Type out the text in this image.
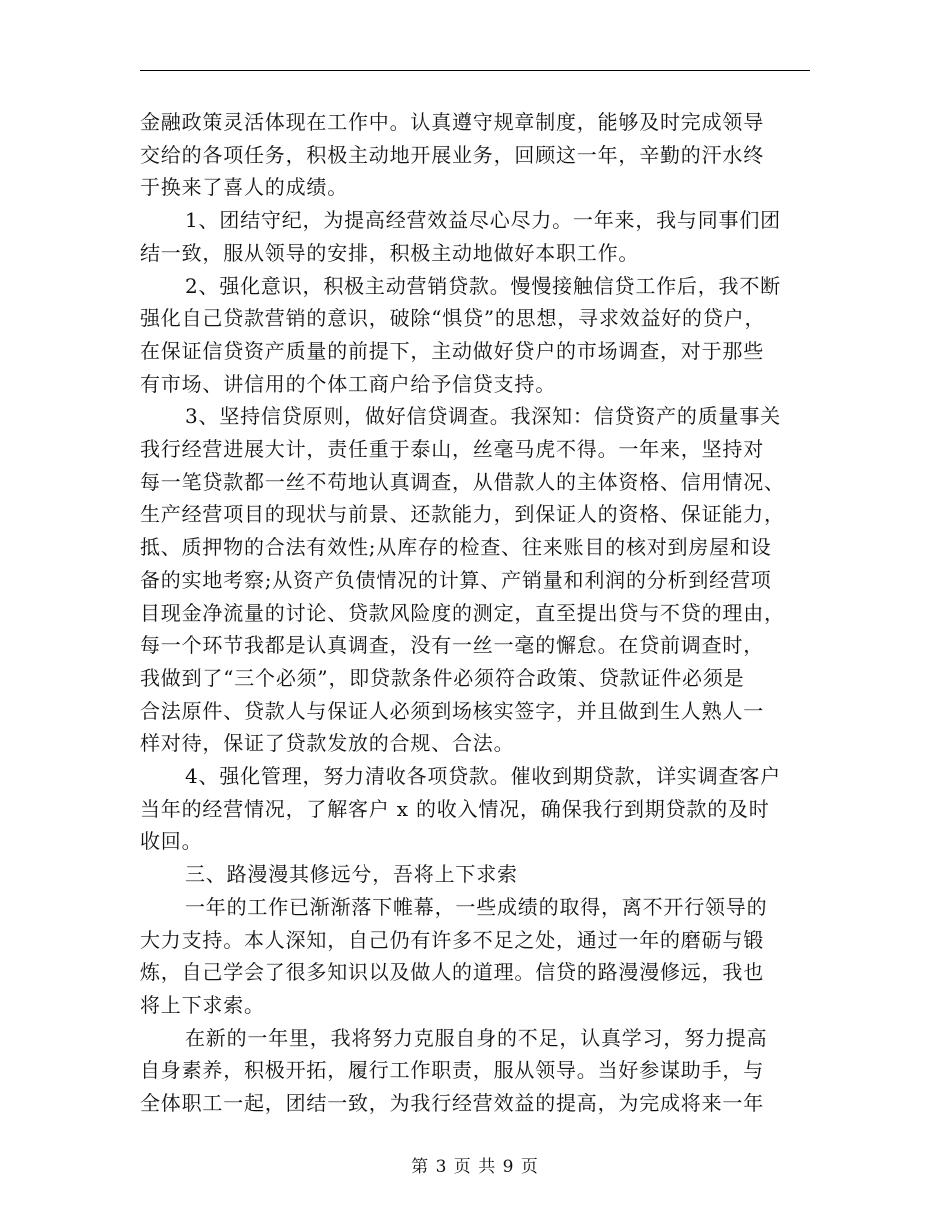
金融政策灵活体现在工作中。认真遵守规章制度，能够及时完成领导
交给的各项任务，积极主动地开展业务，回顾这一年，辛勤的汗水终
于换来了喜人的成绩。

1、团结守纪，为提高经营效益尽心尽力。一年来，我与同事们团
结一致，服从领导的安排，积极主动地做好本职工作。

2、强化意识，积极主动营销贷款。慢慢接触信贷工作后，我不断
强化自己贷款营销的意识，破除“惧贷”的思想，寻求效益好的贷户，
在保证信贷资产质量的前提下，主动做好贷户的市场调查，对于那些
有市场、讲信用的个体工商户给予信贷支持。

3、坚持信贷原则，做好信贷调查。我深知：信贷资产的质量事关
我行经营进展大计，责任重于泰山，丝毫马虎不得。一年来，坚持对
每一笔贷款都一丝不苟地认真调查，从借款人的主体资格、信用情况、
生产经营项目的现状与前景、还款能力，到保证人的资格、保证能力，
抵、质押物的合法有效性;从库存的检查、往来账目的核对到房屋和设
备的实地考察;从资产负债情况的计算、产销量和利润的分析到经营项
目现金净流量的讨论、贷款风险度的测定，直至提出贷与不贷的理由，
每一个环节我都是认真调查，没有一丝一毫的懈怠。在贷前调查时，
我做到了“三个必须”，即贷款条件必须符合政策、贷款证件必须是
合法原件、贷款人与保证人必须到场核实签字，并且做到生人熟人一
样对待，保证了贷款发放的合规、合法。

4、强化管理，努力清收各项贷款。催收到期贷款，详实调查客户
当年的经营情况，了解客户 x 的收入情况，确保我行到期贷款的及时
收回。

三、路漫漫其修远兮，吾将上下求索

一年的工作已渐渐落下帷幕，一些成绩的取得，离不开行领导的
大力支持。本人深知，自己仍有许多不足之处，通过一年的磨砺与锻
炼，自己学会了很多知识以及做人的道理。信贷的路漫漫修远，我也
将上下求索。

在新的一年里，我将努力克服自身的不足，认真学习，努力提高
自身素养，积极开拓，履行工作职责，服从领导。当好参谋助手，与
全体职工一起，团结一致，为我行经营效益的提高，为完成将来一年

第 3 页 共 9 页
